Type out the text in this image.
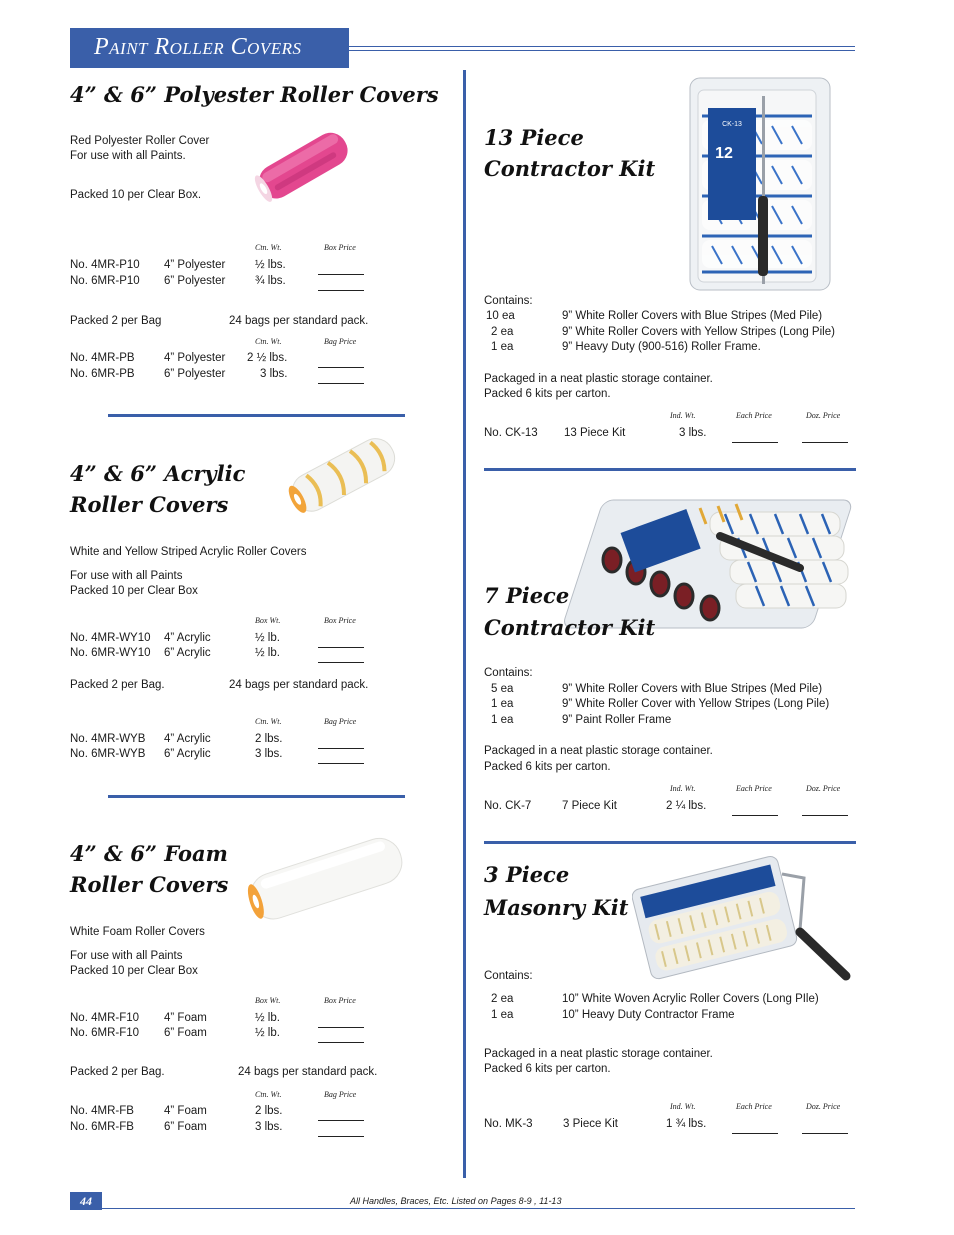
Paint Roller Covers
4” & 6” Polyester Roller Covers
Red Polyester Roller Cover
For use with all Paints.
Packed 10 per Clear Box.
Ctn. Wt.	Box Price
No. 4MR-P10 4” Polyester	½ lbs.
No. 6MR-P10 6” Polyester	¾ lbs.
Packed 2 per Bag	24 bags per standard pack.
Ctn. Wt.	Bag Price
No. 4MR-PB	4” Polyester 2 ½ lbs.
No. 6MR-PB	6” Polyester	3 lbs.
4” & 6” Acrylic
Roller Covers
White and Yellow Striped Acrylic Roller Covers
For use with all Paints
Packed 10 per Clear Box
Box Wt.	Box Price
No. 4MR-WY10 4” Acrylic	½ lb.
No. 6MR-WY10 6” Acrylic	½ lb.
Packed 2 per Bag.	24 bags per standard pack.
Ctn. Wt.	Bag Price
No. 4MR-WYB 4” Acrylic	2 lbs.
No. 6MR-WYB 6” Acrylic	3 lbs.
4” & 6” Foam
Roller Covers
White Foam Roller Covers
For use with all Paints
Packed 10 per Clear Box
Box Wt.	Box Price
No. 4MR-F10 4” Foam	½ lb.
No. 6MR-F10 6” Foam	½ lb.
Packed 2 per Bag.	24 bags per standard pack.
Ctn. Wt.	Bag Price
No. 4MR-FB	4” Foam	2 lbs.
No. 6MR-FB	6” Foam	3 lbs.
13 Piece
Contractor Kit
CK-13
12
Contains:
10 ea	9” White Roller Covers with Blue Stripes (Med Pile)
2 ea	9” White Roller Covers with Yellow Stripes (Long Pile)
1 ea	9” Heavy Duty (900-516) Roller Frame.
Packaged in a neat plastic storage container.
Packed 6 kits per carton.
Ind. Wt.	Each Price	Doz. Price
No. CK-13 13 Piece Kit	3 lbs.
7 Piece
Contractor Kit
Contains:
5 ea	9” White Roller Covers with Blue Stripes (Med Pile)
1 ea	9” White Roller Cover with Yellow Stripes (Long Pile)
1 ea	9” Paint Roller Frame
Packaged in a neat plastic storage container.
Packed 6 kits per carton.
Ind. Wt.	Each Price	Doz. Price
No. CK-7	7 Piece Kit	2 ¼ lbs.
3 Piece
Masonry Kit
Contains:
2 ea	10” White Woven Acrylic Roller Covers (Long PIle)
1 ea	10” Heavy Duty Contractor Frame
Packaged in a neat plastic storage container.
Packed 6 kits per carton.
Ind. Wt.	Each Price	Doz. Price
No. MK-3	3 Piece Kit	1 ¾ lbs.
44	All Handles, Braces, Etc. Listed on Pages 8-9 , 11-13
